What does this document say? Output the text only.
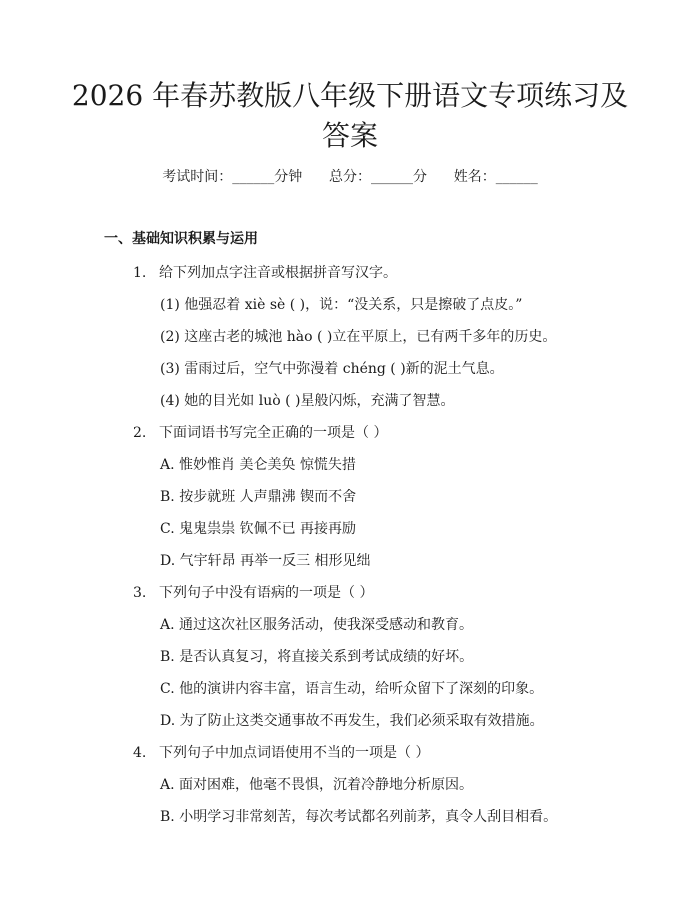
2026 年春苏教版八年级下册语文专项练习及
答案
考试时间：______分钟      总分：______分      姓名：______
一、基础知识积累与运用
1. 给下列加点字注音或根据拼音写汉字。
(1) 他强忍着 xiè sè ( )，说：“没关系，只是擦破了点皮。”
(2) 这座古老的城池 hào ( )立在平原上，已有两千多年的历史。
(3) 雷雨过后，空气中弥漫着 chéng ( )新的泥土气息。
(4) 她的目光如 luò ( )星般闪烁，充满了智慧。
2. 下面词语书写完全正确的一项是（ ）
A. 惟妙惟肖 美仑美奂 惊慌失措
B. 按步就班 人声鼎沸 锲而不舍
C. 鬼鬼祟祟 钦佩不已 再接再励
D. 气宇轩昂 再举一反三 相形见绌
3. 下列句子中没有语病的一项是（ ）
A. 通过这次社区服务活动，使我深受感动和教育。
B. 是否认真复习，将直接关系到考试成绩的好坏。
C. 他的演讲内容丰富，语言生动，给听众留下了深刻的印象。
D. 为了防止这类交通事故不再发生，我们必须采取有效措施。
4. 下列句子中加点词语使用不当的一项是（ ）
A. 面对困难，他毫不畏惧，沉着冷静地分析原因。
B. 小明学习非常刻苦，每次考试都名列前茅，真令人刮目相看。
